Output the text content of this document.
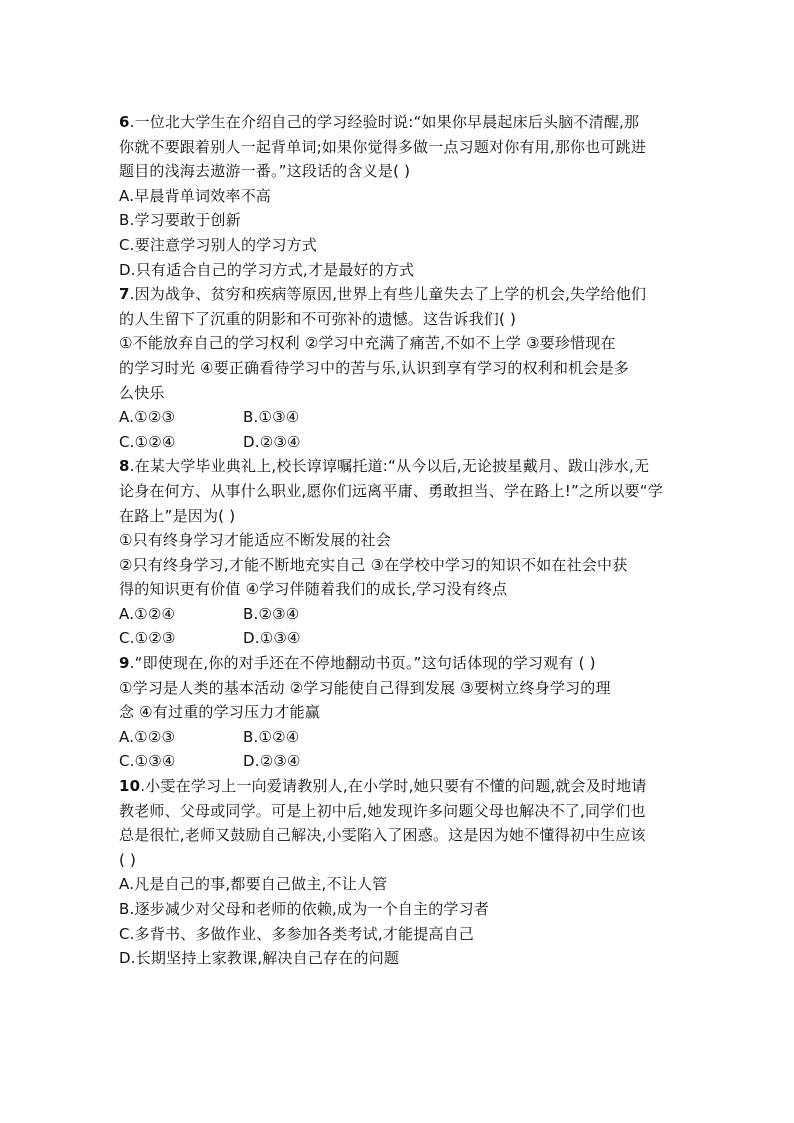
6.一位北大学生在介绍自己的学习经验时说:“如果你早晨起床后头脑不清醒,那
你就不要跟着别人一起背单词;如果你觉得多做一点习题对你有用,那你也可跳进
题目的浅海去遨游一番。”这段话的含义是( )
A.早晨背单词效率不高
B.学习要敢于创新
C.要注意学习别人的学习方式
D.只有适合自己的学习方式,才是最好的方式
7.因为战争、贫穷和疾病等原因,世界上有些儿童失去了上学的机会,失学给他们
的人生留下了沉重的阴影和不可弥补的遗憾。这告诉我们( )
①不能放弃自己的学习权利 ②学习中充满了痛苦,不如不上学 ③要珍惜现在
的学习时光 ④要正确看待学习中的苦与乐,认识到享有学习的权利和机会是多
么快乐
A.①②③	B.①③④
C.①②④	D.②③④
8.在某大学毕业典礼上,校长谆谆嘱托道:“从今以后,无论披星戴月、跋山涉水,无
论身在何方、从事什么职业,愿你们远离平庸、勇敢担当、学在路上!”之所以要“学
在路上”是因为( )
①只有终身学习才能适应不断发展的社会
②只有终身学习,才能不断地充实自己 ③在学校中学习的知识不如在社会中获
得的知识更有价值 ④学习伴随着我们的成长,学习没有终点
A.①②④	B.②③④
C.①②③	D.①③④
9.“即使现在,你的对手还在不停地翻动书页。”这句话体现的学习观有 ( )
①学习是人类的基本活动 ②学习能使自己得到发展 ③要树立终身学习的理
念 ④有过重的学习压力才能赢
A.①②③	B.①②④
C.①③④	D.②③④
10.小雯在学习上一向爱请教别人,在小学时,她只要有不懂的问题,就会及时地请
教老师、父母或同学。可是上初中后,她发现许多问题父母也解决不了,同学们也
总是很忙,老师又鼓励自己解决,小雯陷入了困惑。这是因为她不懂得初中生应该
( )
A.凡是自己的事,都要自己做主,不让人管
B.逐步减少对父母和老师的依赖,成为一个自主的学习者
C.多背书、多做作业、多参加各类考试,才能提高自己
D.长期坚持上家教课,解决自己存在的问题
